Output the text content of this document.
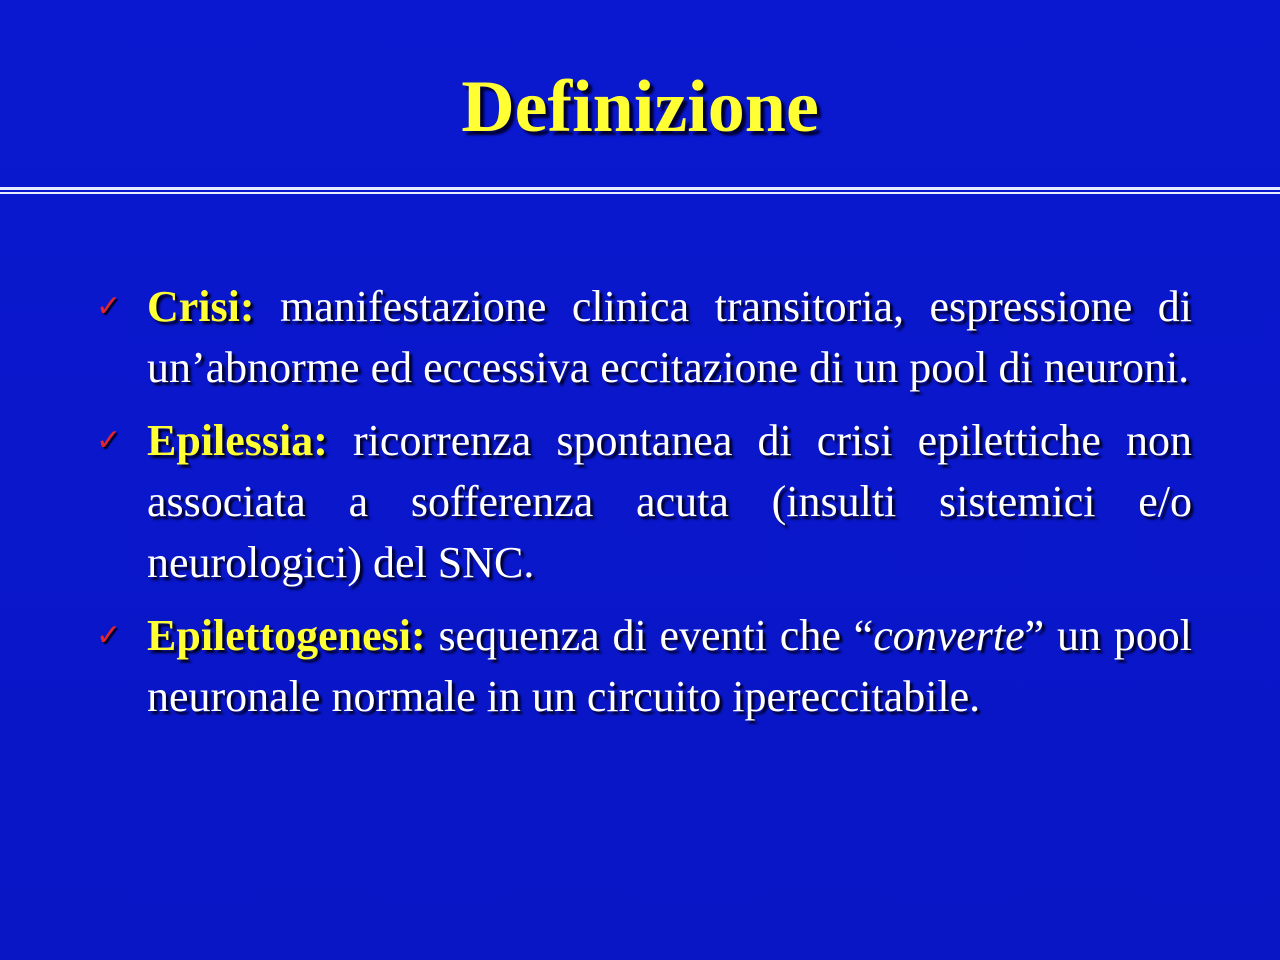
Definizione
✓ Crisi: manifestazione clinica transitoria, espressione di un’abnorme ed eccessiva eccitazione di un pool di neuroni.
✓ Epilessia: ricorrenza spontanea di crisi epilettiche non associata a sofferenza acuta (insulti sistemici e/o neurologici) del SNC.
✓ Epilettogenesi: sequenza di eventi che “converte” un pool neuronale normale in un circuito ipereccitabile.
